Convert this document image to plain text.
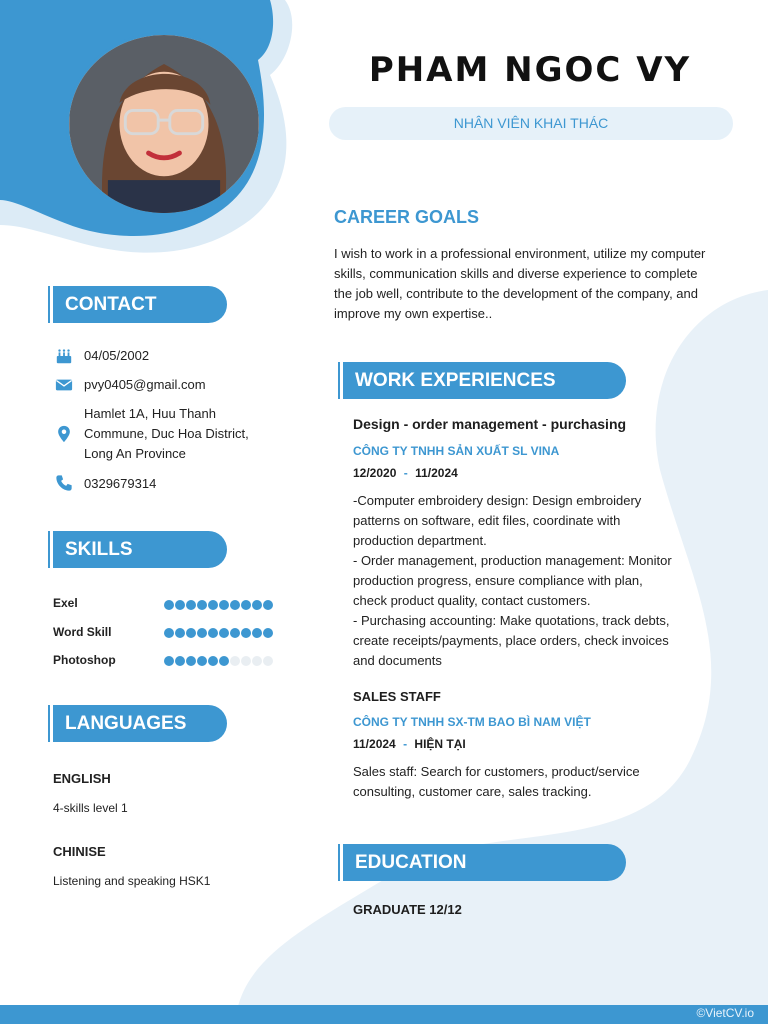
PHAM NGOC VY
NHÂN VIÊN KHAI THÁC
CONTACT
04/05/2002
pvy0405@gmail.com
Hamlet 1A, Huu Thanh
Commune, Duc Hoa District,
Long An Province
0329679314
SKILLS
Exel
Word Skill
Photoshop
LANGUAGES
ENGLISH
4-skills level 1
CHINISE
Listening and speaking HSK1
CAREER GOALS
I wish to work in a professional environment, utilize my computer
skills, communication skills and diverse experience to complete
the job well, contribute to the development of the company, and
improve my own expertise..
WORK EXPERIENCES
Design - order management - purchasing
CÔNG TY TNHH SẢN XUẤT SL VINA
12/2020 - 11/2024
-Computer embroidery design: Design embroidery
patterns on software, edit files, coordinate with
production department.
- Order management, production management: Monitor
production progress, ensure compliance with plan,
check product quality, contact customers.
- Purchasing accounting: Make quotations, track debts,
create receipts/payments, place orders, check invoices
and documents
SALES STAFF
CÔNG TY TNHH SX-TM BAO BÌ NAM VIỆT
11/2024 - HIỆN TẠI
Sales staff: Search for customers, product/service
consulting, customer care, sales tracking.
EDUCATION
GRADUATE 12/12
©VietCV.io
